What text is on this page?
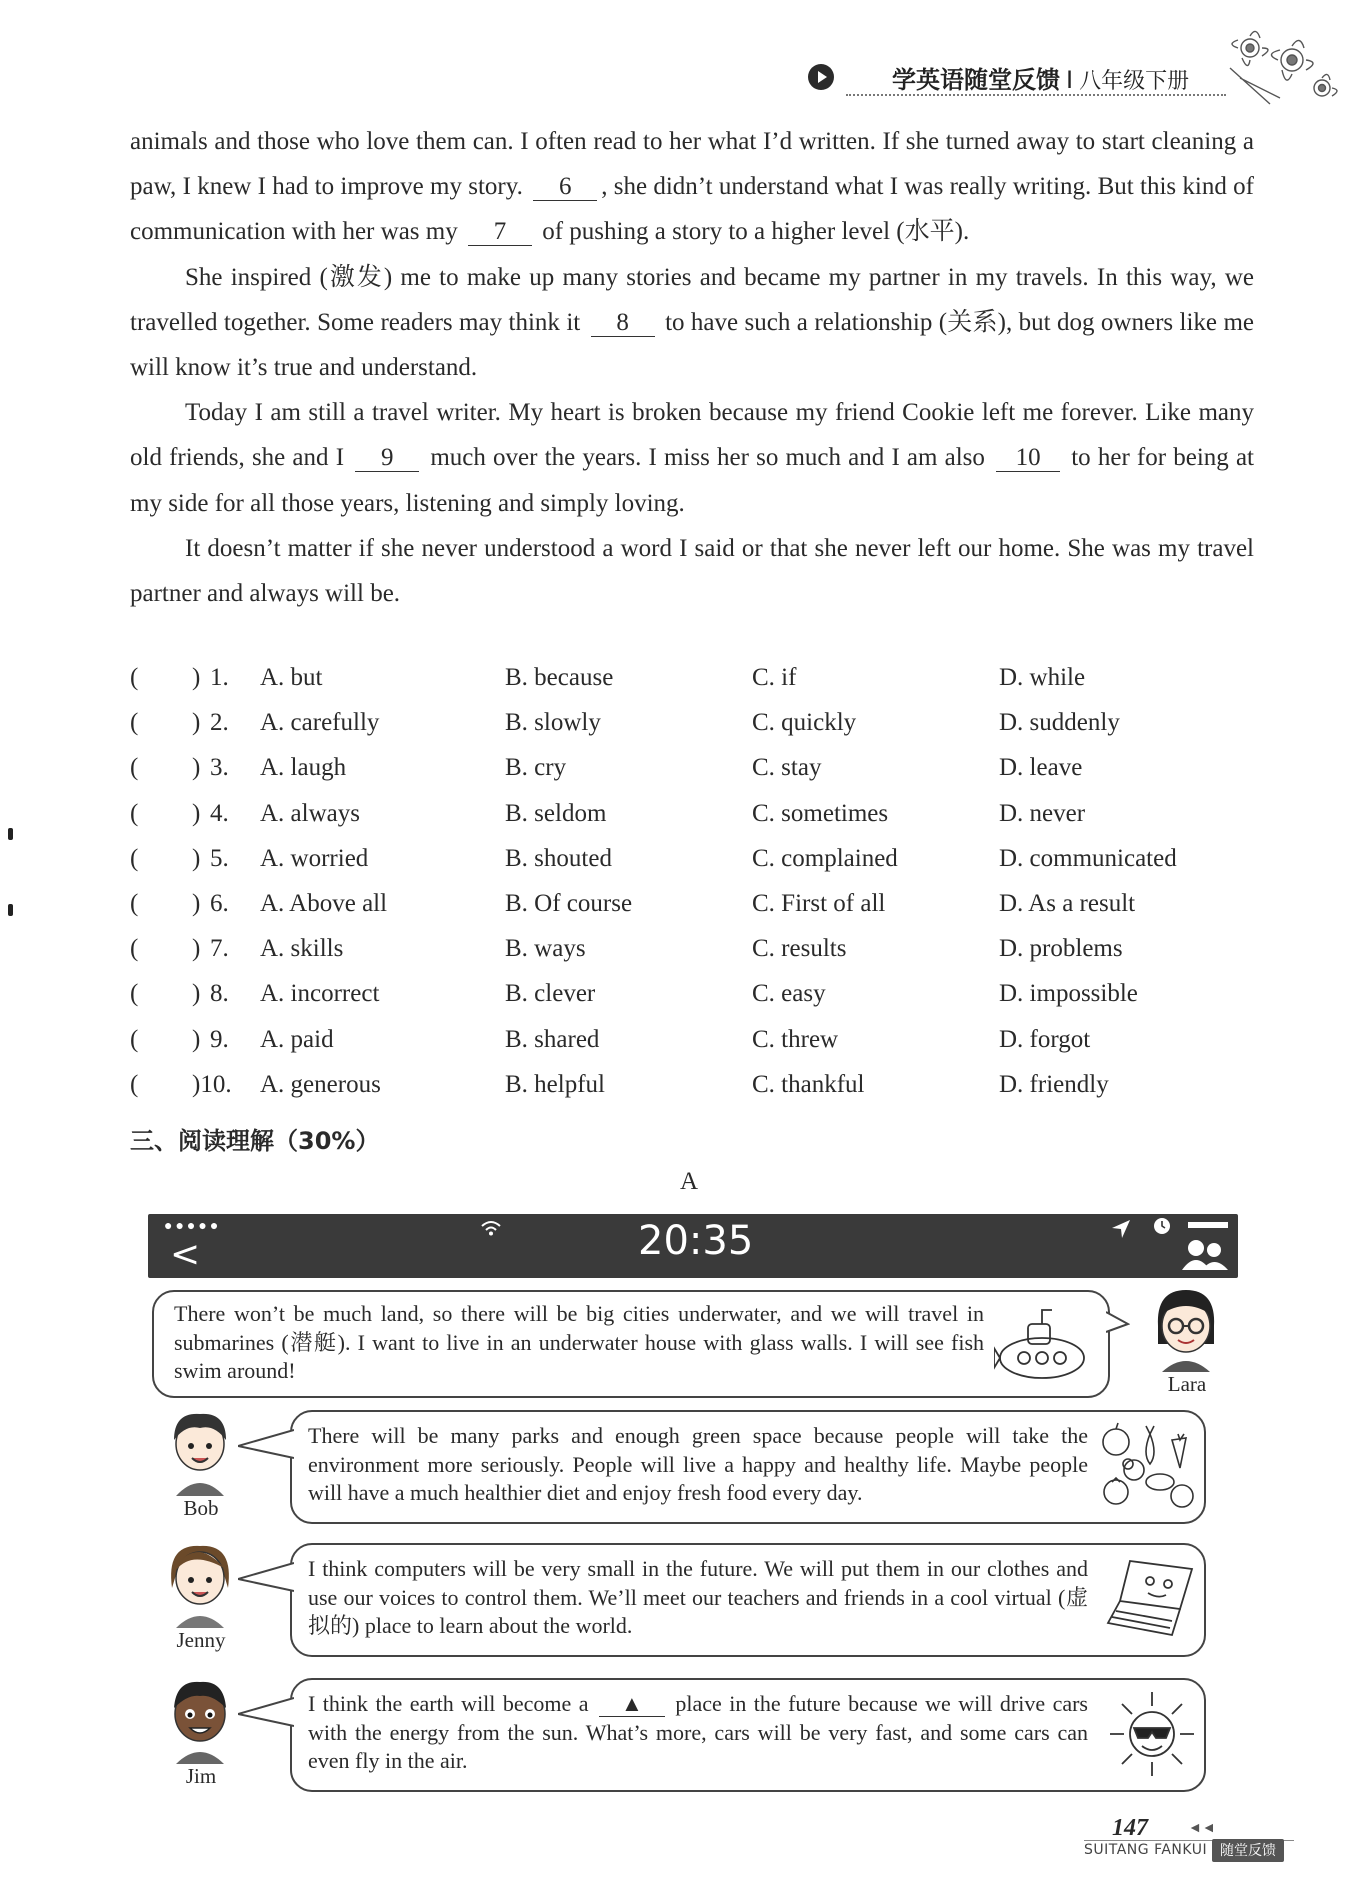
学英语随堂反馈 I 八年级下册

animals and those who love them can. I often read to her what I’d written. If she turned away to start cleaning a paw, I knew I had to improve my story. 6 , she didn’t understand what I was really writing. But this kind of communication with her was my 7 of pushing a story to a higher level (水平).

She inspired (激发) me to make up many stories and became my partner in my travels. In this way, we travelled together. Some readers may think it 8 to have such a relationship (关系), but dog owners like me will know it’s true and understand.

Today I am still a travel writer. My heart is broken because my friend Cookie left me forever. Like many old friends, she and I 9 much over the years. I miss her so much and I am also 10 to her for being at my side for all those years, listening and simply loving.

It doesn’t matter if she never understood a word I said or that she never left our home. She was my travel partner and always will be.

( ) 1. A. but	B. because	C. if	D. while
( ) 2. A. carefully	B. slowly	C. quickly	D. suddenly
( ) 3. A. laugh	B. cry	C. stay	D. leave
( ) 4. A. always	B. seldom	C. sometimes	D. never
( ) 5. A. worried	B. shouted	C. complained	D. communicated
( ) 6. A. Above all	B. Of course	C. First of all	D. As a result
( ) 7. A. skills	B. ways	C. results	D. problems
( ) 8. A. incorrect	B. clever	C. easy	D. impossible
( ) 9. A. paid	B. shared	C. threw	D. forgot
( )10. A. generous	B. helpful	C. thankful	D. friendly
三、阅读理解（30%）
A
●●●●●
<	20:35

There won’t be much land, so there will be big cities underwater, and we will travel in submarines (潜艇). I want to live in an underwater house with glass walls. I will see fish swim around!

Lara
Bob

There will be many parks and enough green space because people will take the environment more seriously. People will live a happy and healthy life. Maybe people will have a much healthier diet and enjoy fresh food every day.

Jenny

I think computers will be very small in the future. We will put them in our clothes and use our voices to control them. We’ll meet our teachers and friends in a cool virtual (虚拟的) place to learn about the world.

Jim

I think the earth will become a ▲ place in the future because we will drive cars with the energy from the sun. What’s more, cars will be very fast, and some cars can even fly in the air.

147	◄◄
SUITANG FANKUI 随堂反馈
